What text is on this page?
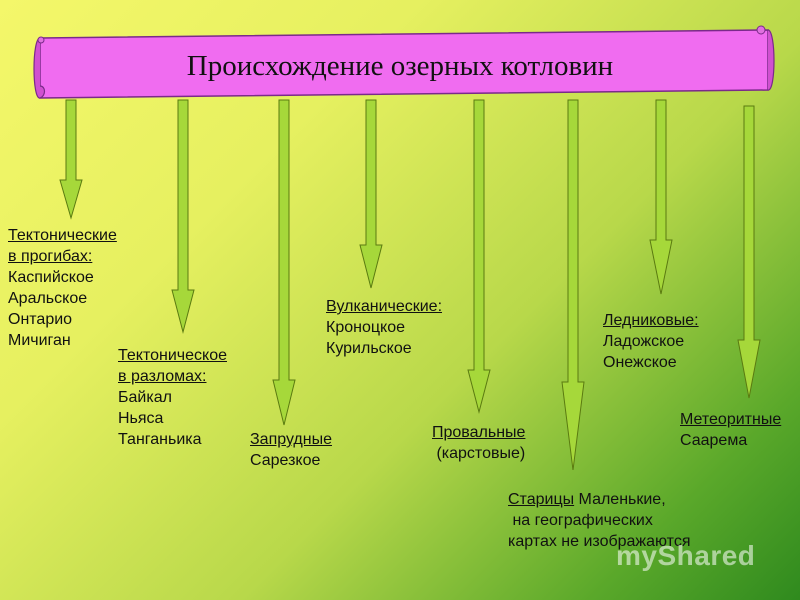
Происхождение озерных котловин
Тектонические
в прогибах:
Каспийское
Аральское
Онтарио
Мичиган
Тектоническое
в разломах:
Байкал
Ньяса
Танганьика	Запрудные
Сарезкое
Вулканические:
Кроноцкое
Курильское
Провальные
(карстовые)
Старицы Маленькие,
на географических
картах не изображаются
Ледниковые:
Ладожское
Онежское
Метеоритные
Саарема
myShared
